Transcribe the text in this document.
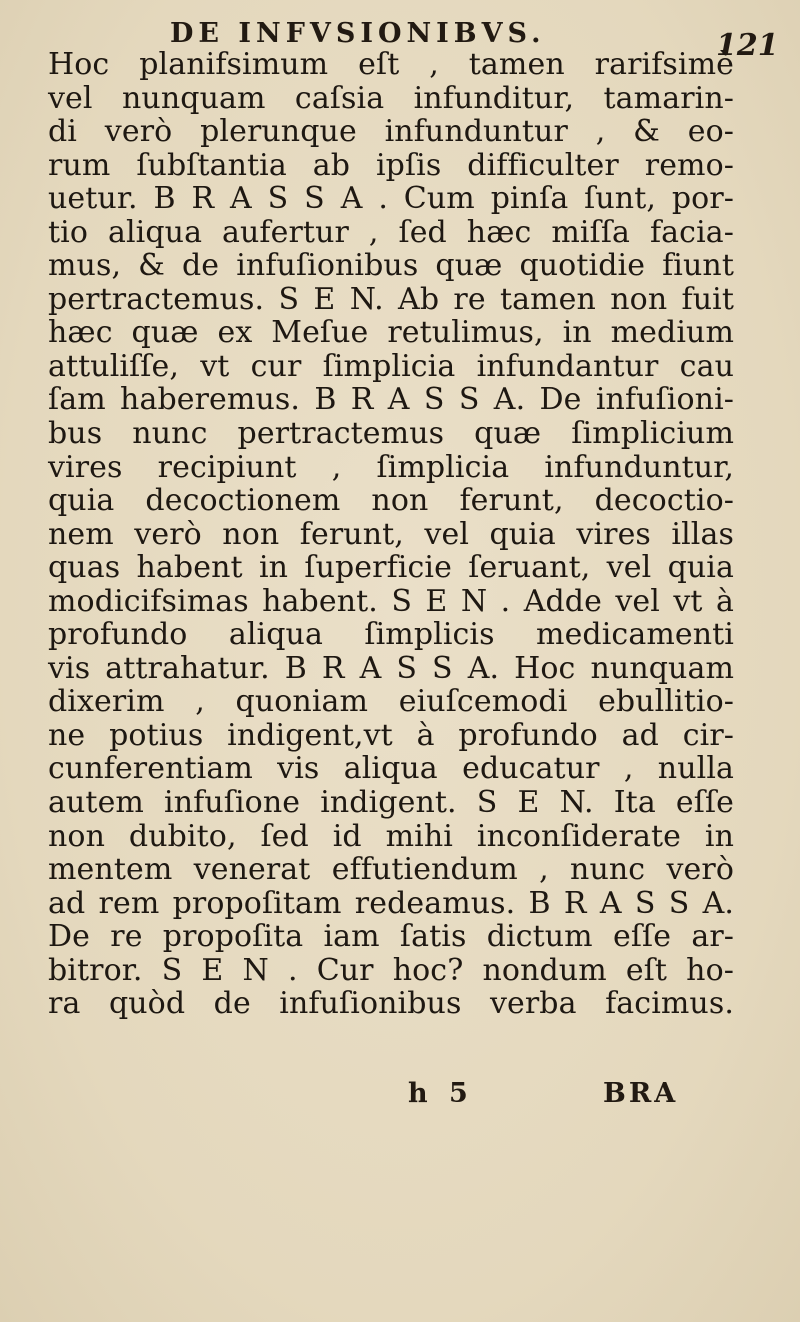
DE INFVSIONIBVS.	121
Hoc planifsimum eſt , tamen rarifsimè
vel nunquam caſsia infunditur, tamarin-
di verò plerunque infunduntur , & eo-
rum ſubſtantia ab ipſis difficulter remo-
uetur. B R A S S A . Cum pinſa ſunt, por-
tio aliqua aufertur , ſed hæc miſſa facia-
mus, & de infuſionibus quæ quotidie fiunt
pertractemus. S E N. Ab re tamen non fuit
hæc quæ ex Meſue retulimus, in medium
attuliſſe, vt cur ſimplicia infundantur cau
ſam haberemus. B R A S S A. De infuſioni-
bus nunc pertractemus quæ ſimplicium
vires recipiunt , ſimplicia infunduntur,
quia decoctionem non ferunt, decoctio-
nem verò non ferunt, vel quia vires illas
quas habent in ſuperficie ſeruant, vel quia
modicifsimas habent. S E N . Adde vel vt à
profundo aliqua ſimplicis medicamenti
vis attrahatur. B R A S S A. Hoc nunquam
dixerim , quoniam eiuſcemodi ebullitio-
ne potius indigent,vt à profundo ad cir-
cunferentiam vis aliqua educatur , nulla
autem infuſione indigent. S E N. Ita eſſe
non dubito, ſed id mihi inconſiderate in
mentem venerat effutiendum , nunc verò
ad rem propoſitam redeamus. B R A S S A.
De re propoſita iam ſatis dictum eſſe ar-
bitror. S E N . Cur hoc? nondum eſt ho-
ra quòd de infuſionibus verba facimus.
h 5	BRA
